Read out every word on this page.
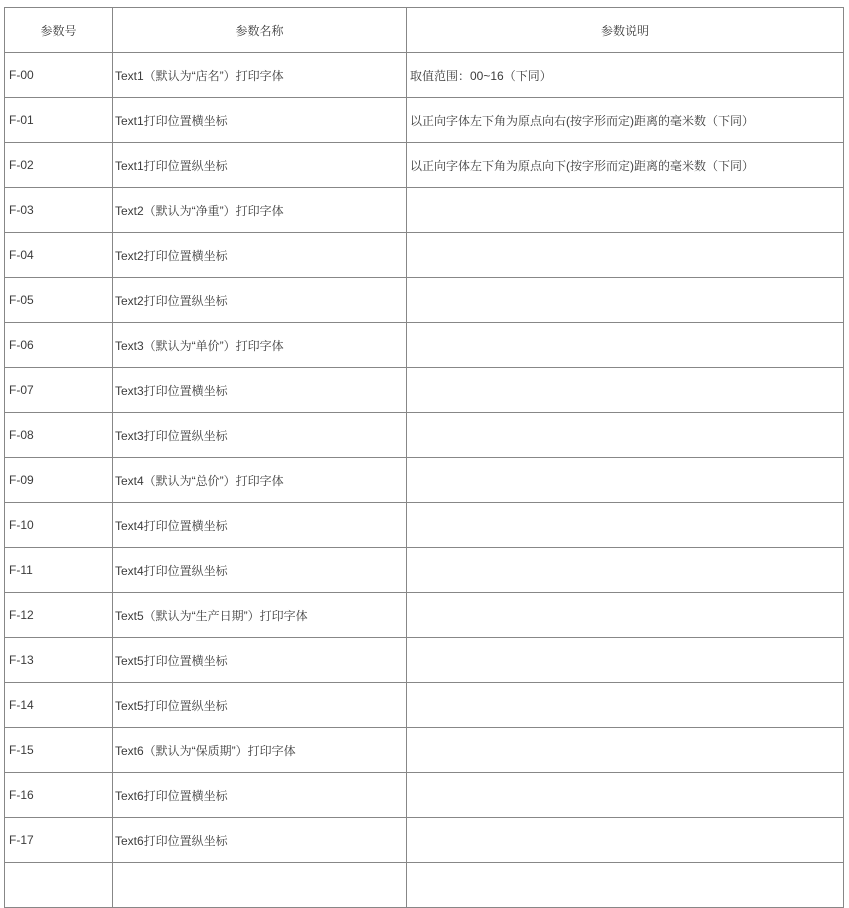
参数号	参数名称	参数说明
F-00	Text1（默认为“店名”）打印字体	取值范围：00~16（下同）
F-01	Text1打印位置横坐标	以正向字体左下角为原点向右(按字形而定)距离的毫米数（下同）
F-02	Text1打印位置纵坐标	以正向字体左下角为原点向下(按字形而定)距离的毫米数（下同）
F-03	Text2（默认为“净重”）打印字体	
F-04	Text2打印位置横坐标	
F-05	Text2打印位置纵坐标	
F-06	Text3（默认为“单价”）打印字体	
F-07	Text3打印位置横坐标	
F-08	Text3打印位置纵坐标	
F-09	Text4（默认为“总价”）打印字体	
F-10	Text4打印位置横坐标	
F-11	Text4打印位置纵坐标	
F-12	Text5（默认为“生产日期”）打印字体	
F-13	Text5打印位置横坐标	
F-14	Text5打印位置纵坐标	
F-15	Text6（默认为“保质期”）打印字体	
F-16	Text6打印位置横坐标	
F-17	Text6打印位置纵坐标	
